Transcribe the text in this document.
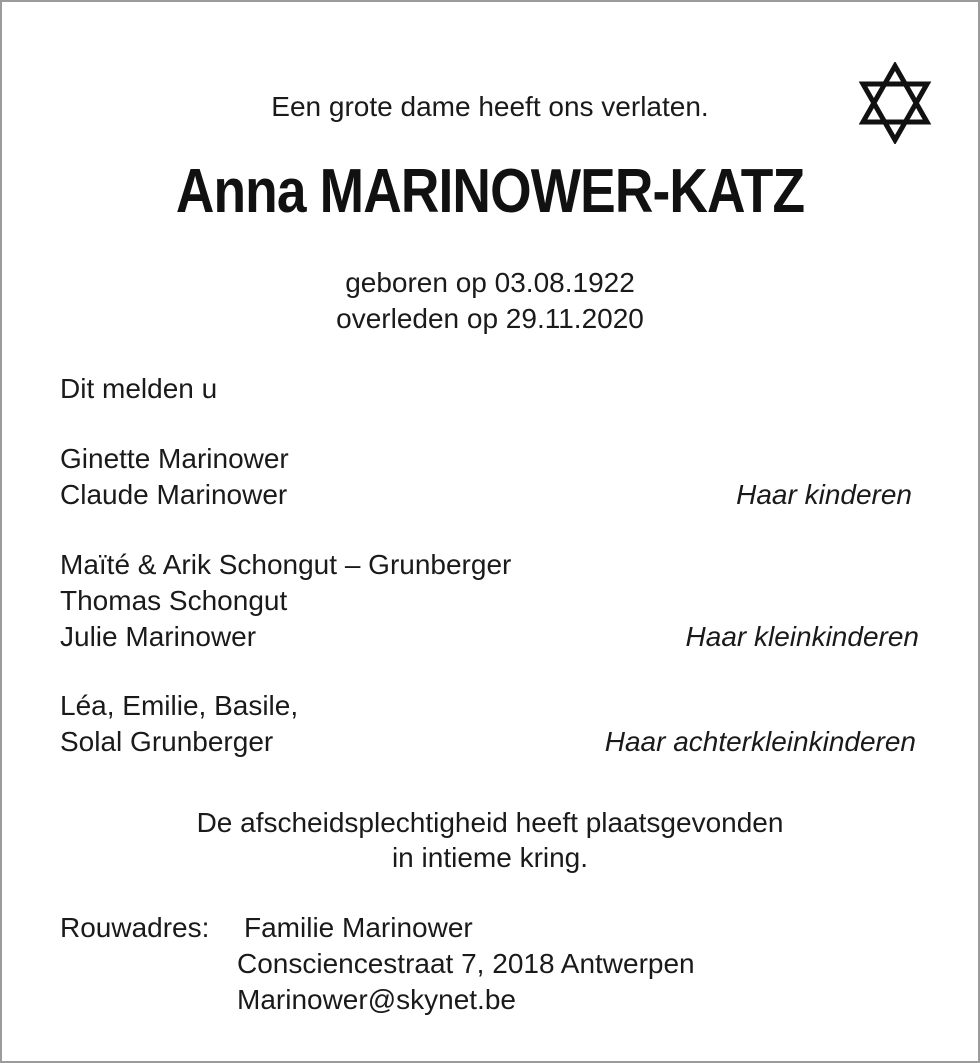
Een grote dame heeft ons verlaten.
Anna MARINOWER-KATZ
geboren op 03.08.1922
overleden op 29.11.2020
Dit melden u
Ginette Marinower
Claude Marinower	Haar kinderen
Maïté & Arik Schongut – Grunberger
Thomas Schongut
Julie Marinower	Haar kleinkinderen
Léa, Emilie, Basile,
Solal Grunberger	Haar achterkleinkinderen
De afscheidsplechtigheid heeft plaatsgevonden
in intieme kring.
Rouwadres: Familie Marinower
Consciencestraat 7, 2018 Antwerpen
Marinower@skynet.be
